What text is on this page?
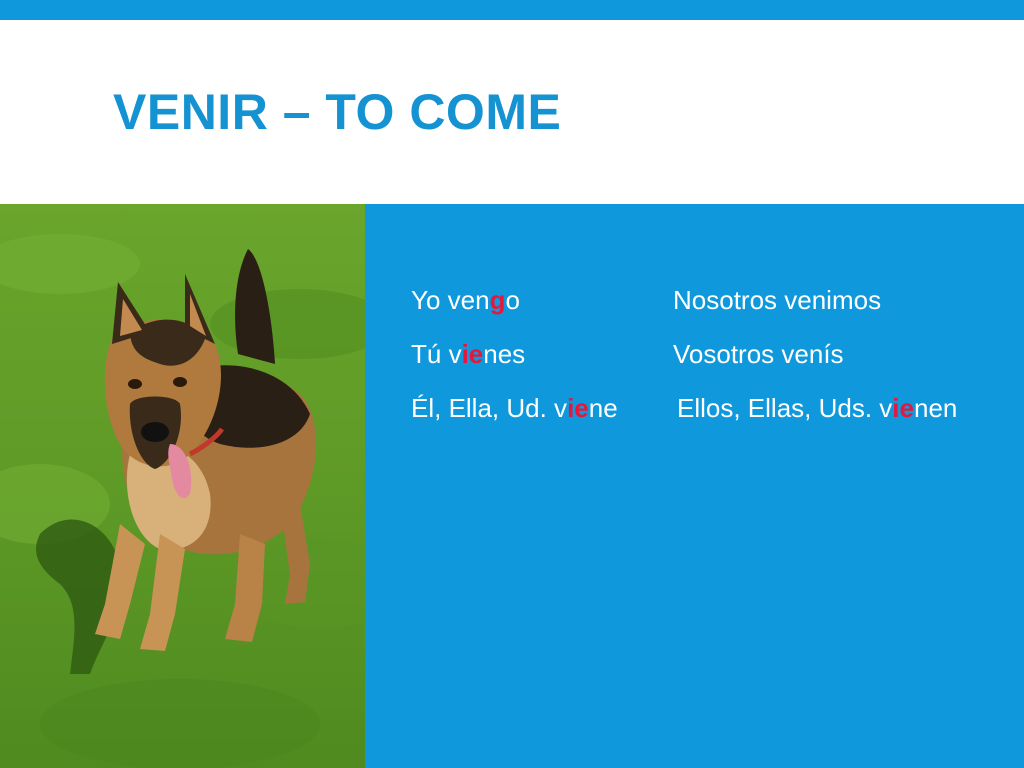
VENIR – TO COME
Yo vengo
Tú vienes
Él, Ella, Ud. viene
Nosotros venimos
Vosotros venís
Ellos, Ellas, Uds. vienen
